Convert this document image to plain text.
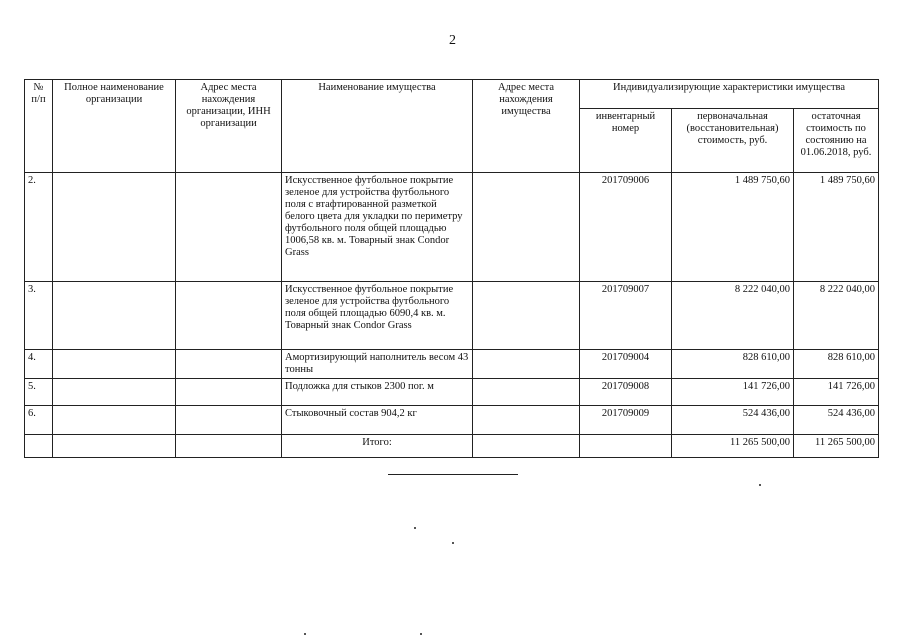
2
№ п/п	Полное наименование организации	Адрес места нахождения организации, ИНН организации	Наименование имущества	Адрес места нахождения имущества	Индивидуализирующие характеристики имущества		
					инвентарный номер	первоначальная (восстановительная) стоимость, руб.	остаточная стоимость по состоянию на 01.06.2018, руб.
2.			Искусственное футбольное покрытие зеленое для устройства футбольного поля с втафтированной разметкой белого цвета для укладки по периметру футбольного поля общей площадью 1006,58 кв. м. Товарный знак Condor Grass		201709006	1 489 750,60	1 489 750,60
3.			Искусственное футбольное покрытие зеленое для устройства футбольного поля общей площадью 6090,4 кв. м. Товарный знак Condor Grass		201709007	8 222 040,00	8 222 040,00
4.			Амортизирующий наполнитель весом 43 тонны		201709004	828 610,00	828 610,00
5.			Подложка для стыков 2300 пог. м		201709008	141 726,00	141 726,00
6.			Стыковочный состав 904,2 кг		201709009	524 436,00	524 436,00
			Итого:			11 265 500,00	11 265 500,00
